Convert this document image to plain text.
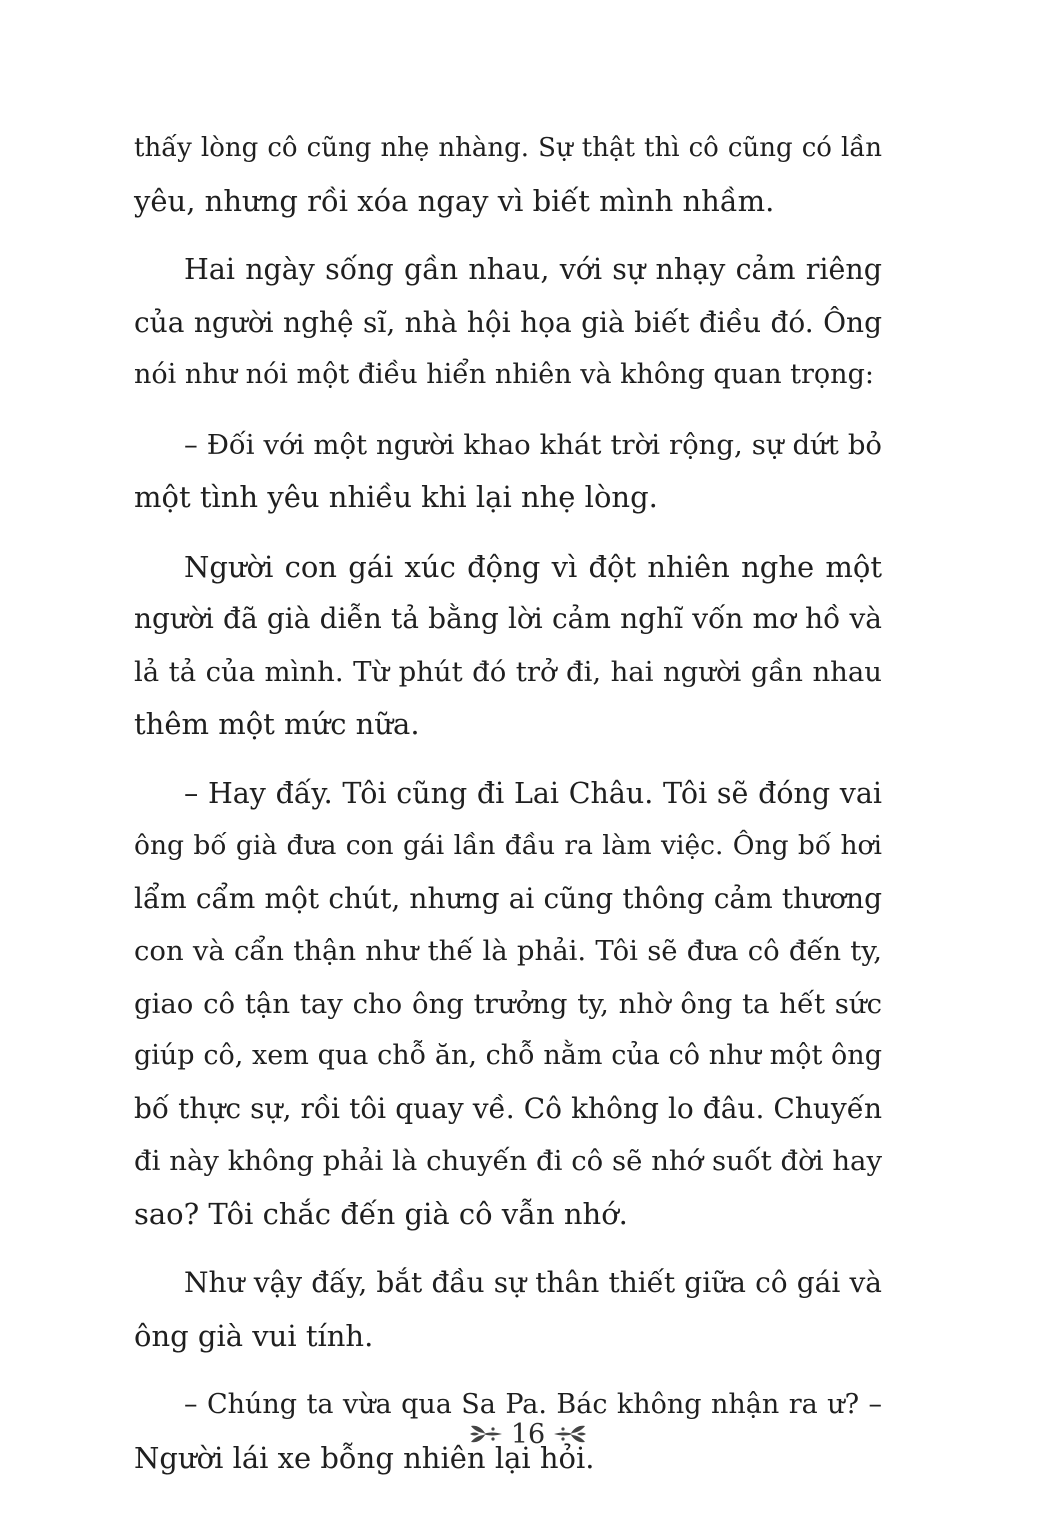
thấy lòng cô cũng nhẹ nhàng. Sự thật thì cô cũng có lần
yêu, nhưng rồi xóa ngay vì biết mình nhầm.

Hai ngày sống gần nhau, với sự nhạy cảm riêng
của người nghệ sĩ, nhà hội họa già biết điều đó. Ông
nói như nói một điều hiển nhiên và không quan trọng:

– Đối với một người khao khát trời rộng, sự dứt bỏ
một tình yêu nhiều khi lại nhẹ lòng.

Người con gái xúc động vì đột nhiên nghe một
người đã già diễn tả bằng lời cảm nghĩ vốn mơ hồ và
lả tả của mình. Từ phút đó trở đi, hai người gần nhau
thêm một mức nữa.

– Hay đấy. Tôi cũng đi Lai Châu. Tôi sẽ đóng vai
ông bố già đưa con gái lần đầu ra làm việc. Ông bố hơi
lẩm cẩm một chút, nhưng ai cũng thông cảm thương
con và cẩn thận như thế là phải. Tôi sẽ đưa cô đến ty,
giao cô tận tay cho ông trưởng ty, nhờ ông ta hết sức
giúp cô, xem qua chỗ ăn, chỗ nằm của cô như một ông
bố thực sự, rồi tôi quay về. Cô không lo đâu. Chuyến
đi này không phải là chuyến đi cô sẽ nhớ suốt đời hay
sao? Tôi chắc đến già cô vẫn nhớ.

Như vậy đấy, bắt đầu sự thân thiết giữa cô gái và
ông già vui tính.

– Chúng ta vừa qua Sa Pa. Bác không nhận ra ư? –
Người lái xe bỗng nhiên lại hỏi.

16
